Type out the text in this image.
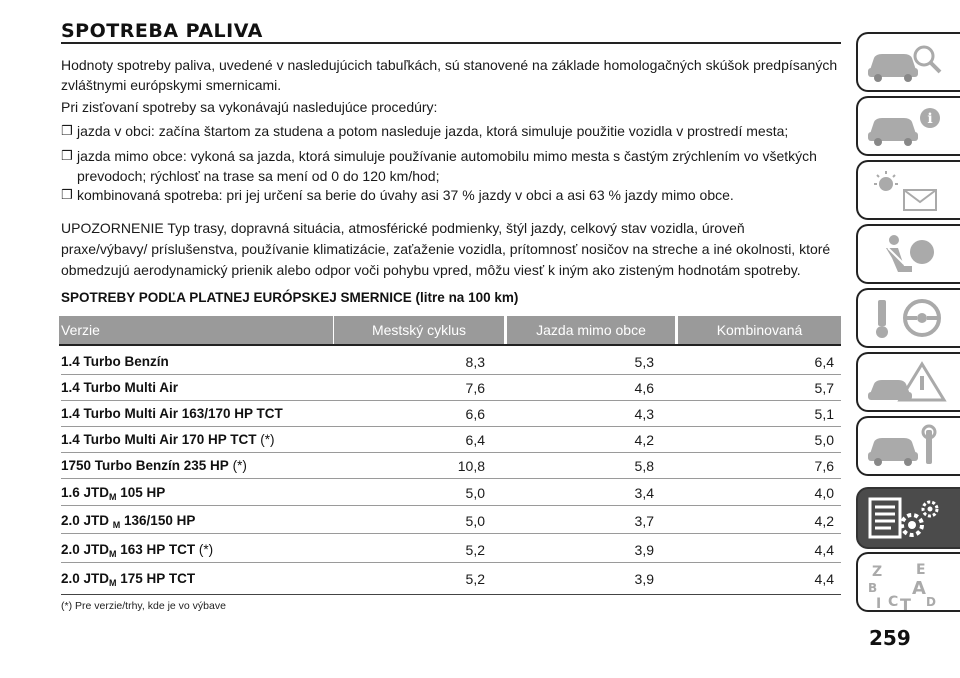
SPOTREBA PALIVA
Hodnoty spotreby paliva, uvedené v nasledujúcich tabuľkách, sú stanovené na základe homologačných skúšok predpísaných zvláštnymi európskymi smernicami.
Pri zisťovaní spotreby sa vykonávajú nasledujúce procedúry:
❒ jazda v obci: začína štartom za studena a potom nasleduje jazda, ktorá simuluje použitie vozidla v prostredí mesta;
❒ jazda mimo obce: vykoná sa jazda, ktorá simuluje používanie automobilu mimo mesta s častým zrýchlením vo všetkých prevodoch; rýchlosť na trase sa mení od 0 do 120 km/hod;
❒ kombinovaná spotreba: pri jej určení sa berie do úvahy asi 37 % jazdy v obci a asi 63 % jazdy mimo obce.
UPOZORNENIE Typ trasy, dopravná situácia, atmosférické podmienky, štýl jazdy, celkový stav vozidla, úroveň praxe/výbavy/ príslušenstva, používanie klimatizácie, zaťaženie vozidla, prítomnosť nosičov na streche a iné okolnosti, ktoré obmedzujú aerodynamický prienik alebo odpor voči pohybu vpred, môžu viesť k iným ako zisteným hodnotám spotreby.
SPOTREBY PODĽA PLATNEJ EURÓPSKEJ SMERNICE (litre na 100 km)
Verzie	Mestský cyklus	Jazda mimo obce	Kombinovaná
1.4 Turbo Benzín	8,3	5,3	6,4
1.4 Turbo Multi Air	7,6	4,6	5,7
1.4 Turbo Multi Air 163/170 HP TCT	6,6	4,3	5,1
1.4 Turbo Multi Air 170 HP TCT (*)	6,4	4,2	5,0
1750 Turbo Benzín 235 HP (*)	10,8	5,8	7,6
1.6 $JTD_M$ 105 HP	5,0	3,4	4,0
2.0 JTD $_M$ 136/150 HP	5,0	3,7	4,2
2.0 $JTD_M$ 163 HP TCT (*)	5,2	3,9	4,4
2.0 $JTD_M$ 175 HP TCT	5,2	3,9	4,4
(*) Pre verzie/trhy, kde je vo výbave
259
i
Z E
B A
I C T D
